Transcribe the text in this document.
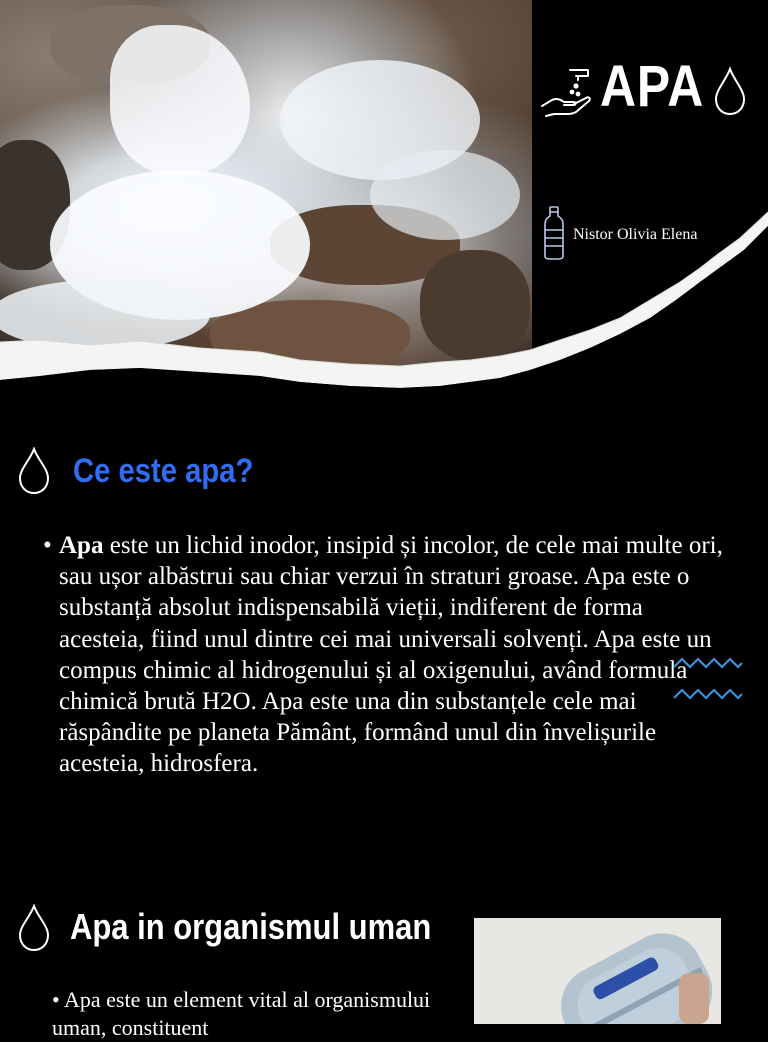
APA
Nistor Olivia Elena
Ce este apa?
• Apa este un lichid inodor, insipid și incolor, de cele mai multe ori, sau ușor albăstrui sau chiar verzui în straturi groase. Apa este o substanță absolut indispensabilă vieții, indiferent de forma acesteia, fiind unul dintre cei mai universali solvenți. Apa este un compus chimic al hidrogenului și al oxigenului, având formula chimică brută H2O. Apa este una din substanțele cele mai răspândite pe planeta Pământ, formând unul din învelișurile acesteia, hidrosfera.
Apa in organismul uman
• Apa este un element vital al organismului uman, constituent
